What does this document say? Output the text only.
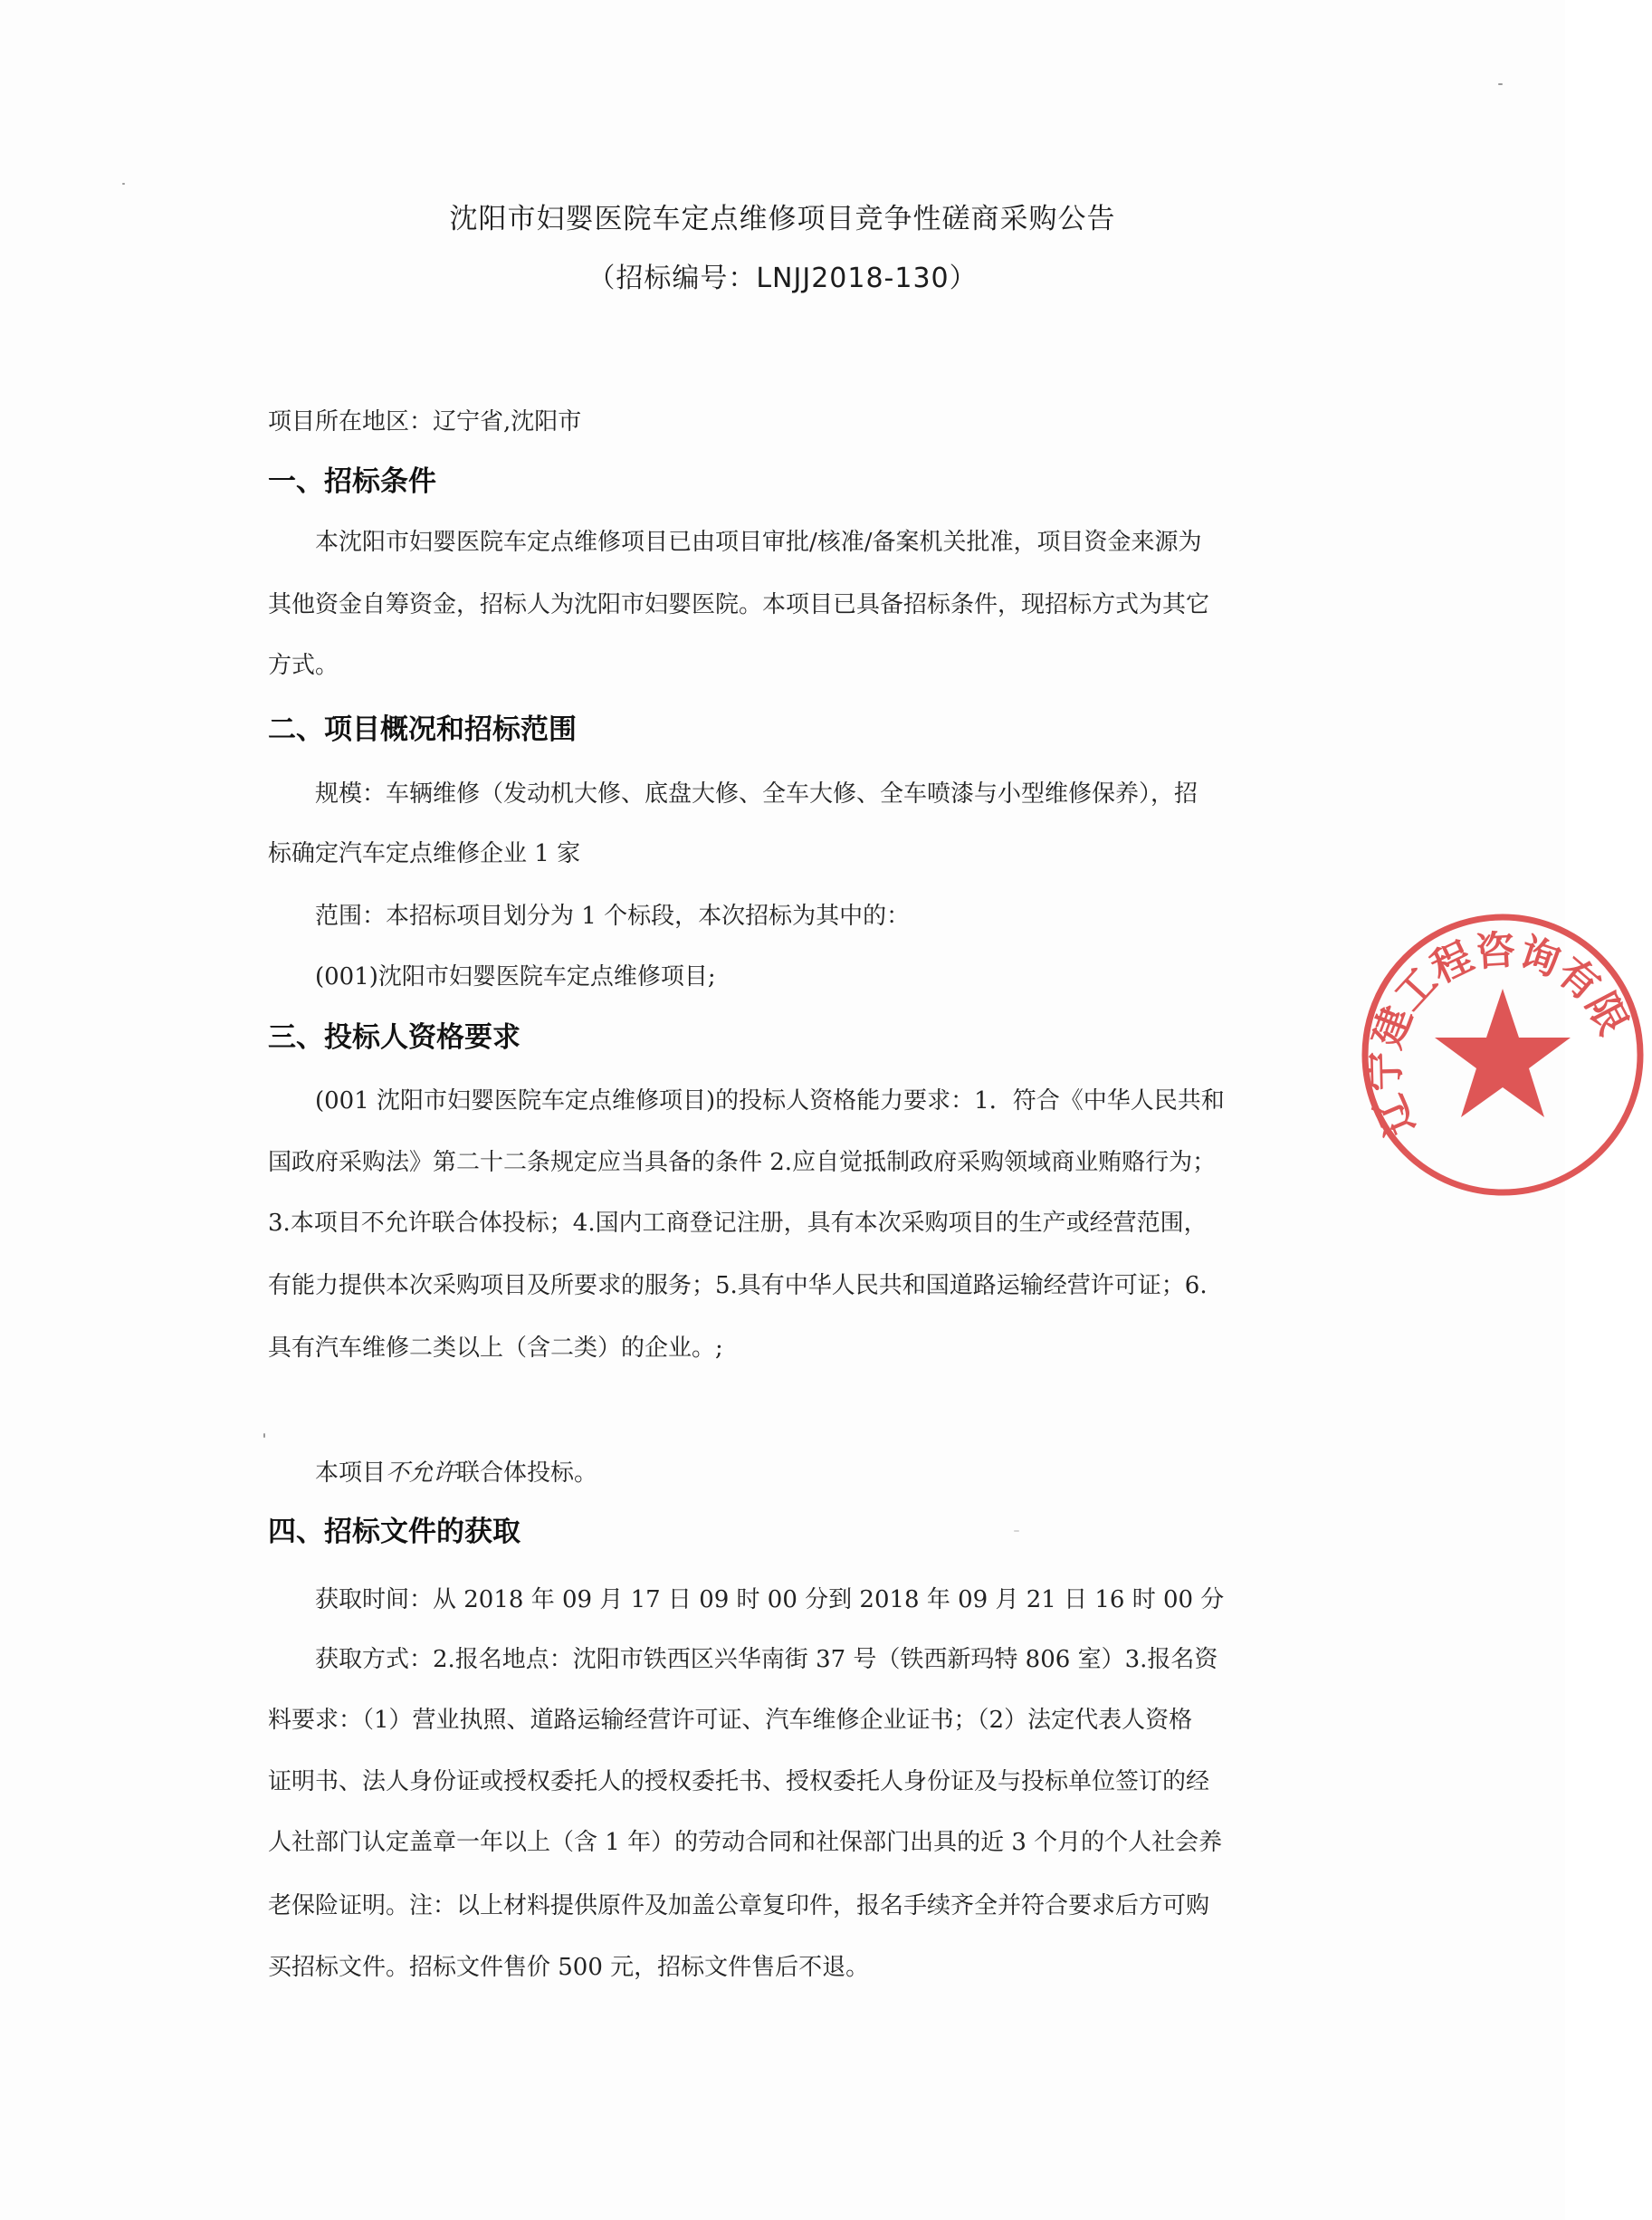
沈阳市妇婴医院车定点维修项目竞争性磋商采购公告
（招标编号：LNJJ2018-130）
项目所在地区：辽宁省,沈阳市
一、招标条件
本沈阳市妇婴医院车定点维修项目已由项目审批/核准/备案机关批准，项目资金来源为
其他资金自筹资金，招标人为沈阳市妇婴医院。本项目已具备招标条件，现招标方式为其它
方式。
二、项目概况和招标范围
规模：车辆维修（发动机大修、底盘大修、全车大修、全车喷漆与小型维修保养），招
标确定汽车定点维修企业 1 家
范围：本招标项目划分为 1 个标段，本次招标为其中的：
(001)沈阳市妇婴医院车定点维修项目;
三、投标人资格要求
(001 沈阳市妇婴医院车定点维修项目)的投标人资格能力要求：1．符合《中华人民共和
国政府采购法》第二十二条规定应当具备的条件 2.应自觉抵制政府采购领域商业贿赂行为；
3.本项目不允许联合体投标；4.国内工商登记注册，具有本次采购项目的生产或经营范围，
有能力提供本次采购项目及所要求的服务；5.具有中华人民共和国道路运输经营许可证；6.
具有汽车维修二类以上（含二类）的企业。;
本项目不允许联合体投标。
四、招标文件的获取
获取时间：从 2018 年 09 月 17 日 09 时 00 分到 2018 年 09 月 21 日 16 时 00 分
获取方式：2.报名地点：沈阳市铁西区兴华南街 37 号（铁西新玛特 806 室）3.报名资
料要求：（1）营业执照、道路运输经营许可证、汽车维修企业证书；（2）法定代表人资格
证明书、法人身份证或授权委托人的授权委托书、授权委托人身份证及与投标单位签订的经
人社部门认定盖章一年以上（含 1 年）的劳动合同和社保部门出具的近 3 个月的个人社会养
老保险证明。注：以上材料提供原件及加盖公章复印件，报名手续齐全并符合要求后方可购
买招标文件。招标文件售价 500 元，招标文件售后不退。
辽宁建工程咨询有限
